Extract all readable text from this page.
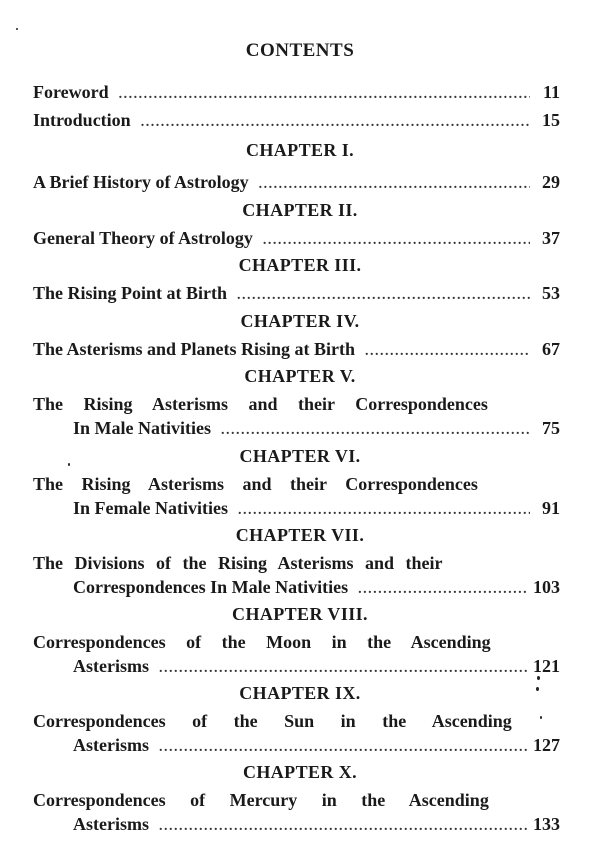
CONTENTS
Foreword .....	11
Introduction .....	15
CHAPTER I.
A Brief History of Astrology .....	29
CHAPTER II.
General Theory of Astrology .....	37
CHAPTER III.
The Rising Point at Birth .....	53
CHAPTER IV.
The Asterisms and Planets Rising at Birth .....	67
CHAPTER V.
The Rising Asterisms and their Correspondences
In Male Nativities .....	75
CHAPTER VI.
The Rising Asterisms and their Correspondences
In Female Nativities .....	91
CHAPTER VII.
The Divisions of the Rising Asterisms and their
Correspondences In Male Nativities .....	103
CHAPTER VIII.
Correspondences of the Moon in the Ascending
Asterisms .....	121
CHAPTER IX.
Correspondences of the Sun in the Ascending
Asterisms .....	127
CHAPTER X.
Correspondences of Mercury in the Ascending
Asterisms .....	133
